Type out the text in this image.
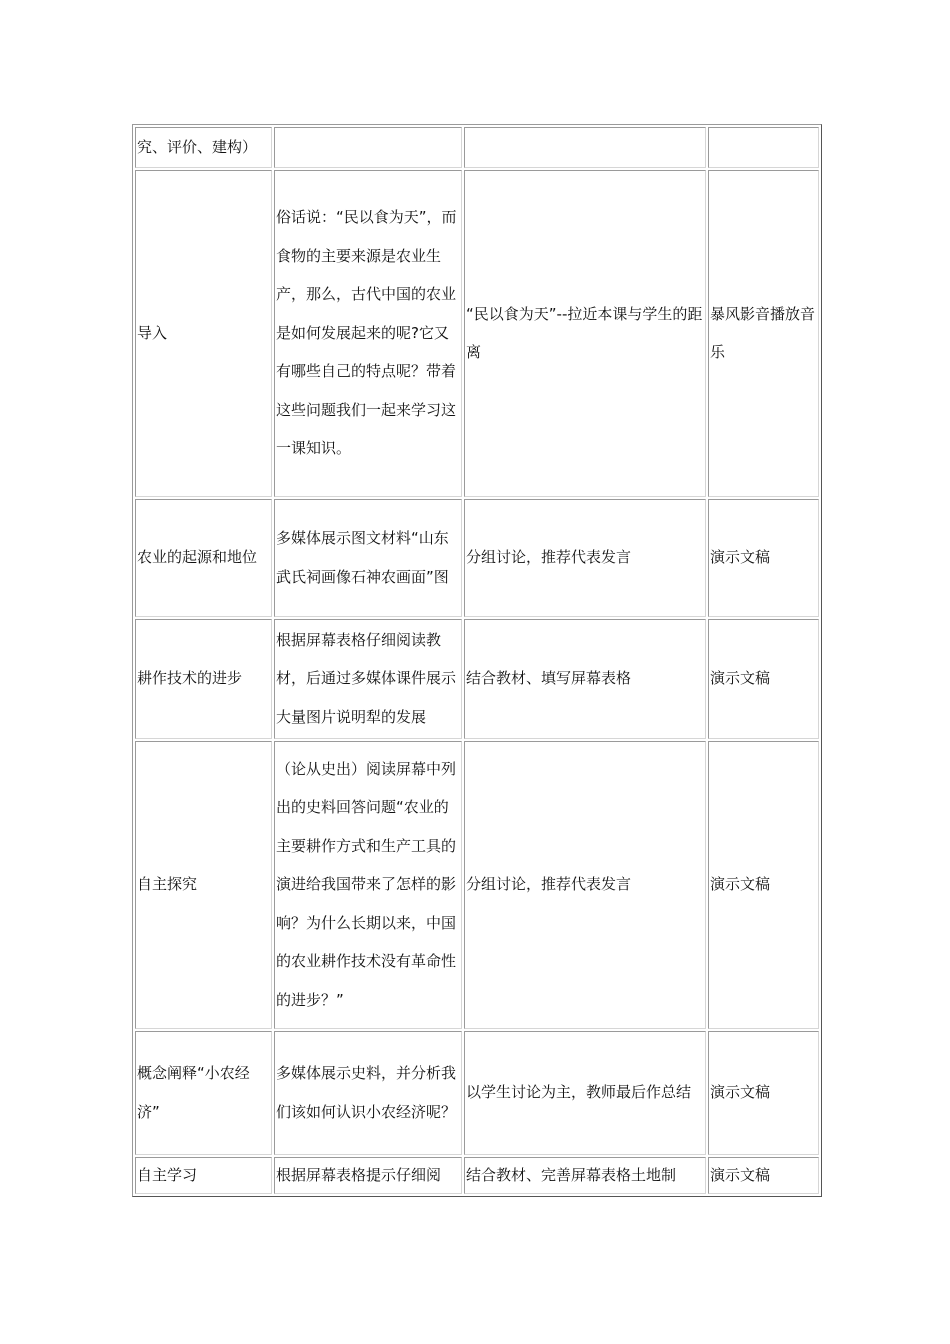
究、评价、建构）			
导入	俗话说：“民以食为天”，而食物的主要来源是农业生产，那么，古代中国的农业是如何发展起来的呢?它又有哪些自己的特点呢？带着这些问题我们一起来学习这一课知识。	“民以食为天”--拉近本课与学生的距离	暴风影音播放音乐
农业的起源和地位	多媒体展示图文材料“山东武氏祠画像石神农画面”图	分组讨论，推荐代表发言	演示文稿
耕作技术的进步	根据屏幕表格仔细阅读教材，后通过多媒体课件展示大量图片说明犁的发展	结合教材、填写屏幕表格	演示文稿
自主探究	（论从史出）阅读屏幕中列出的史料回答问题“农业的主要耕作方式和生产工具的演进给我国带来了怎样的影响？为什么长期以来，中国的农业耕作技术没有革命性的进步？”	分组讨论，推荐代表发言	演示文稿
概念阐释“小农经济”	多媒体展示史料，并分析我们该如何认识小农经济呢？	以学生讨论为主，教师最后作总结	演示文稿
自主学习	根据屏幕表格提示仔细阅	结合教材、完善屏幕表格土地制	演示文稿
